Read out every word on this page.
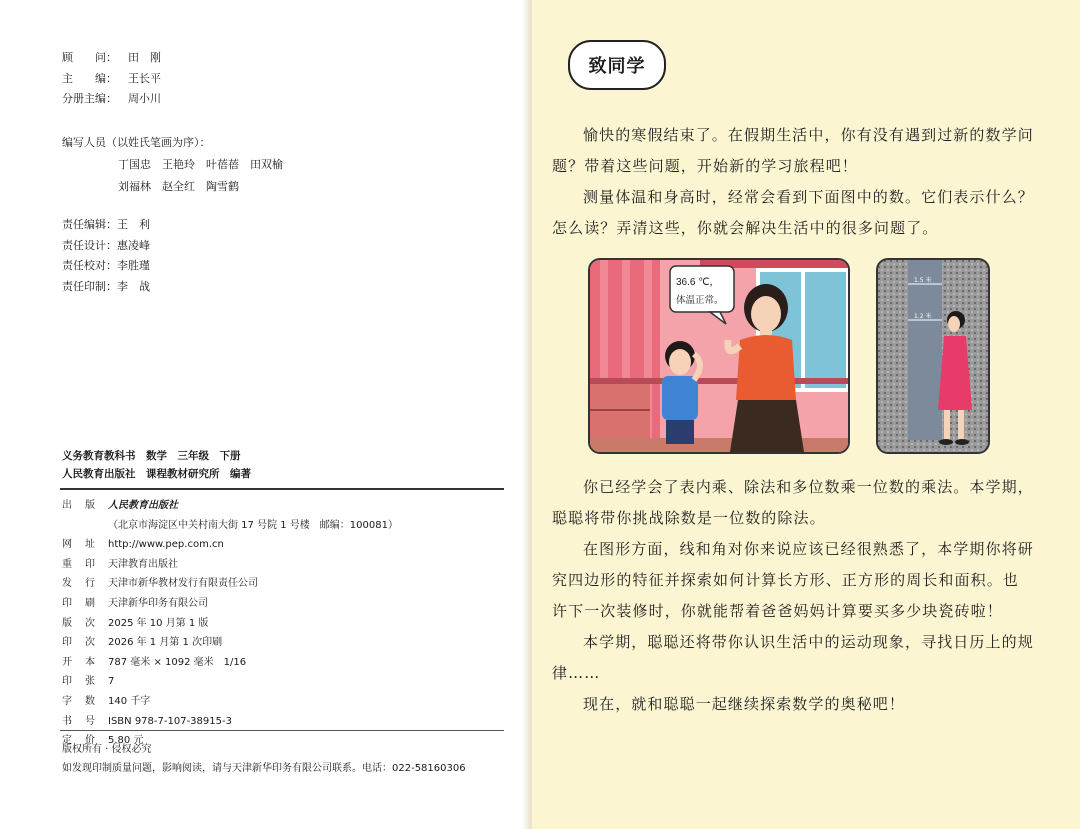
顾　　问： 田　刚
主　　编： 王长平
分册主编： 周小川
编写人员（以姓氏笔画为序）：
丁国忠　王艳玲　叶蓓蓓　田双榆
刘福林　赵全红　陶雪鹤
责任编辑：王　利
责任设计：惠凌峰
责任校对：李胜瑾
责任印制：李　战
义务教育教科书　数学　三年级　下册
人民教育出版社　课程教材研究所　编著
出版人民教育出版社
（北京市海淀区中关村南大街 17 号院 1 号楼　邮编：100081）
网址http://www.pep.com.cn
重印天津教育出版社
发行天津市新华教材发行有限责任公司
印刷天津新华印务有限公司
版次2025 年 10 月第 1 版
印次2026 年 1 月第 1 次印刷
开本787 毫米 × 1092 毫米　1/16
印张7
字数140 千字
书号ISBN 978-7-107-38915-3
定价5.80 元
版权所有 · 侵权必究
如发现印制质量问题，影响阅读，请与天津新华印务有限公司联系。电话：022-58160306
致同学
愉快的寒假结束了。在假期生活中，你有没有遇到过新的数学问题？带着这些问题，开始新的学习旅程吧！
测量体温和身高时，经常会看到下面图中的数。它们表示什么？怎么读？弄清这些，你就会解决生活中的很多问题了。
36.6 ℃，
体温正常。
1.5 米
1.2 米
你已经学会了表内乘、除法和多位数乘一位数的乘法。本学期，聪聪将带你挑战除数是一位数的除法。
在图形方面，线和角对你来说应该已经很熟悉了，本学期你将研究四边形的特征并探索如何计算长方形、正方形的周长和面积。也许下一次装修时，你就能帮着爸爸妈妈计算要买多少块瓷砖啦！
本学期，聪聪还将带你认识生活中的运动现象，寻找日历上的规律……
现在，就和聪聪一起继续探索数学的奥秘吧！
